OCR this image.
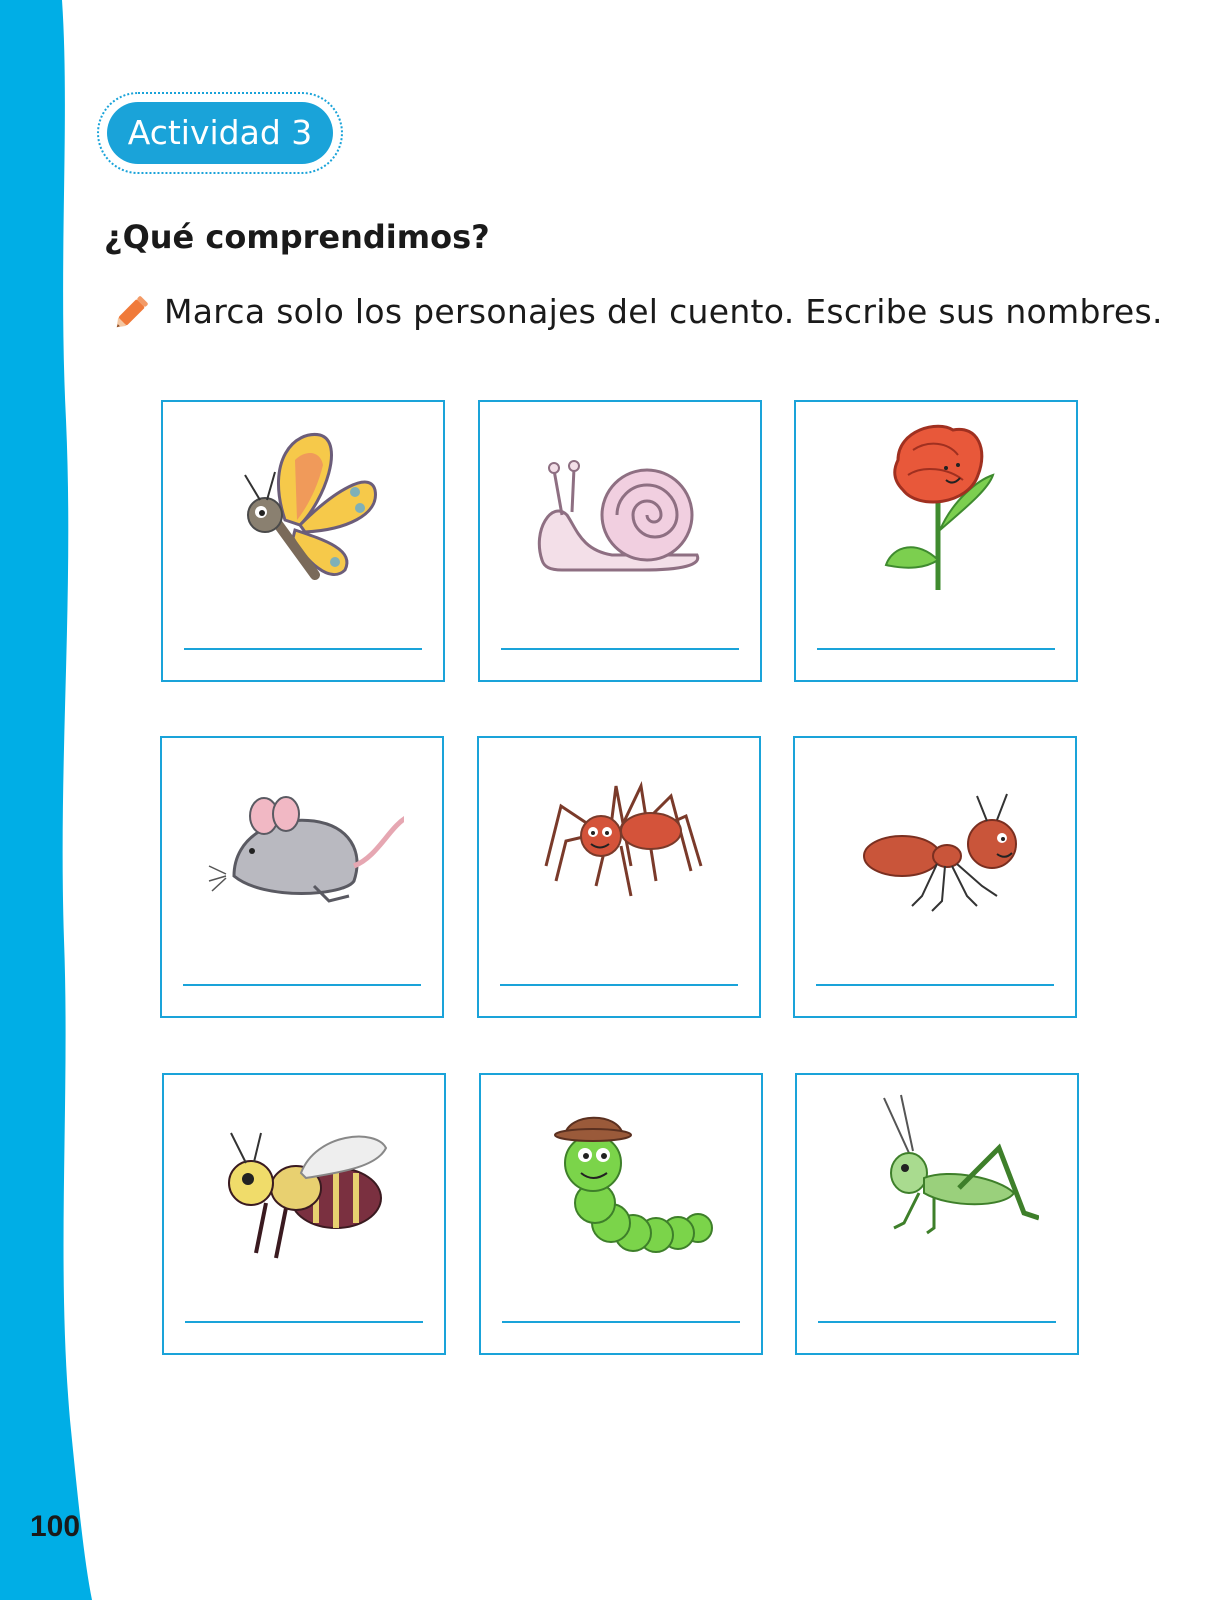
100
Actividad 3
¿Qué comprendimos?
Marca solo los personajes del cuento. Escribe sus nombres.
